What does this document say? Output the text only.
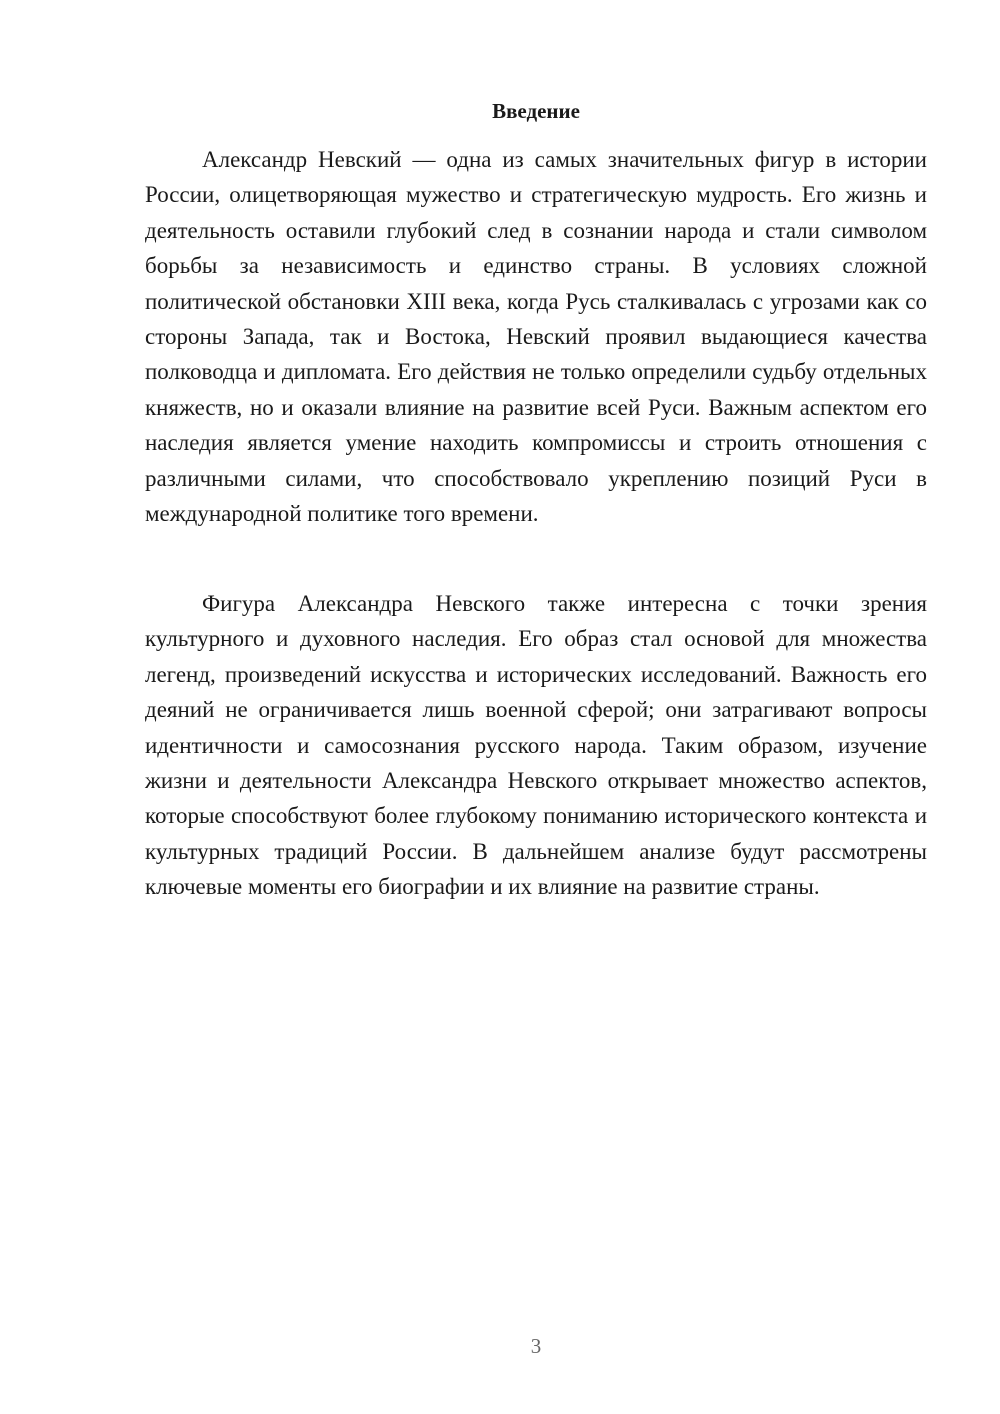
Введение

Александр Невский — одна из самых значительных фигур в истории России, олицетворяющая мужество и стратегическую мудрость. Его жизнь и деятельность оставили глубокий след в сознании народа и стали символом борьбы за независимость и единство страны. В условиях сложной политической обстановки XIII века, когда Русь сталкивалась с угрозами как со стороны Запада, так и Востока, Невский проявил выдающиеся качества полководца и дипломата. Его действия не только определили судьбу отдельных княжеств, но и оказали влияние на развитие всей Руси. Важным аспектом его наследия является умение находить компромиссы и строить отношения с различными силами, что способствовало укреплению позиций Руси в международной политике того времени.

Фигура Александра Невского также интересна с точки зрения культурного и духовного наследия. Его образ стал основой для множества легенд, произведений искусства и исторических исследований. Важность его деяний не ограничивается лишь военной сферой; они затрагивают вопросы идентичности и самосознания русского народа. Таким образом, изучение жизни и деятельности Александра Невского открывает множество аспектов, которые способствуют более глубокому пониманию исторического контекста и культурных традиций России. В дальнейшем анализе будут рассмотрены ключевые моменты его биографии и их влияние на развитие страны.

3
